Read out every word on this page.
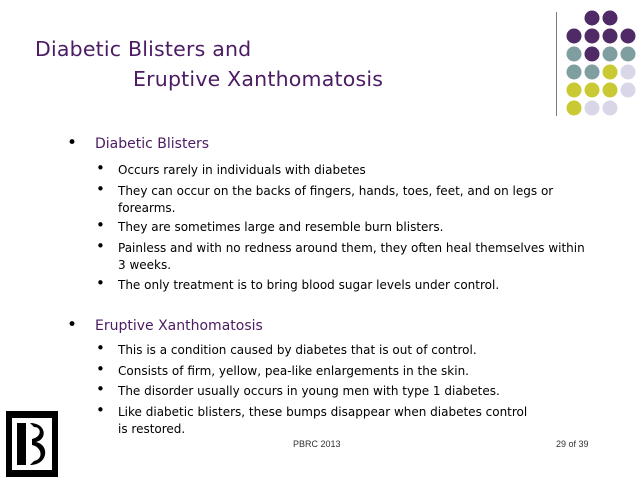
Diabetic Blisters and
Eruptive Xanthomatosis
• Diabetic Blisters
• Occurs rarely in individuals with diabetes
• They can occur on the backs of fingers, hands, toes, feet, and on legs or
forearms.
• They are sometimes large and resemble burn blisters.
• Painless and with no redness around them, they often heal themselves within
3 weeks.
• The only treatment is to bring blood sugar levels under control.
• Eruptive Xanthomatosis
• This is a condition caused by diabetes that is out of control.
• Consists of firm, yellow, pea-like enlargements in the skin.
• The disorder usually occurs in young men with type 1 diabetes.
• Like diabetic blisters, these bumps disappear when diabetes control
is restored.
PBRC 2013	29 of 39
